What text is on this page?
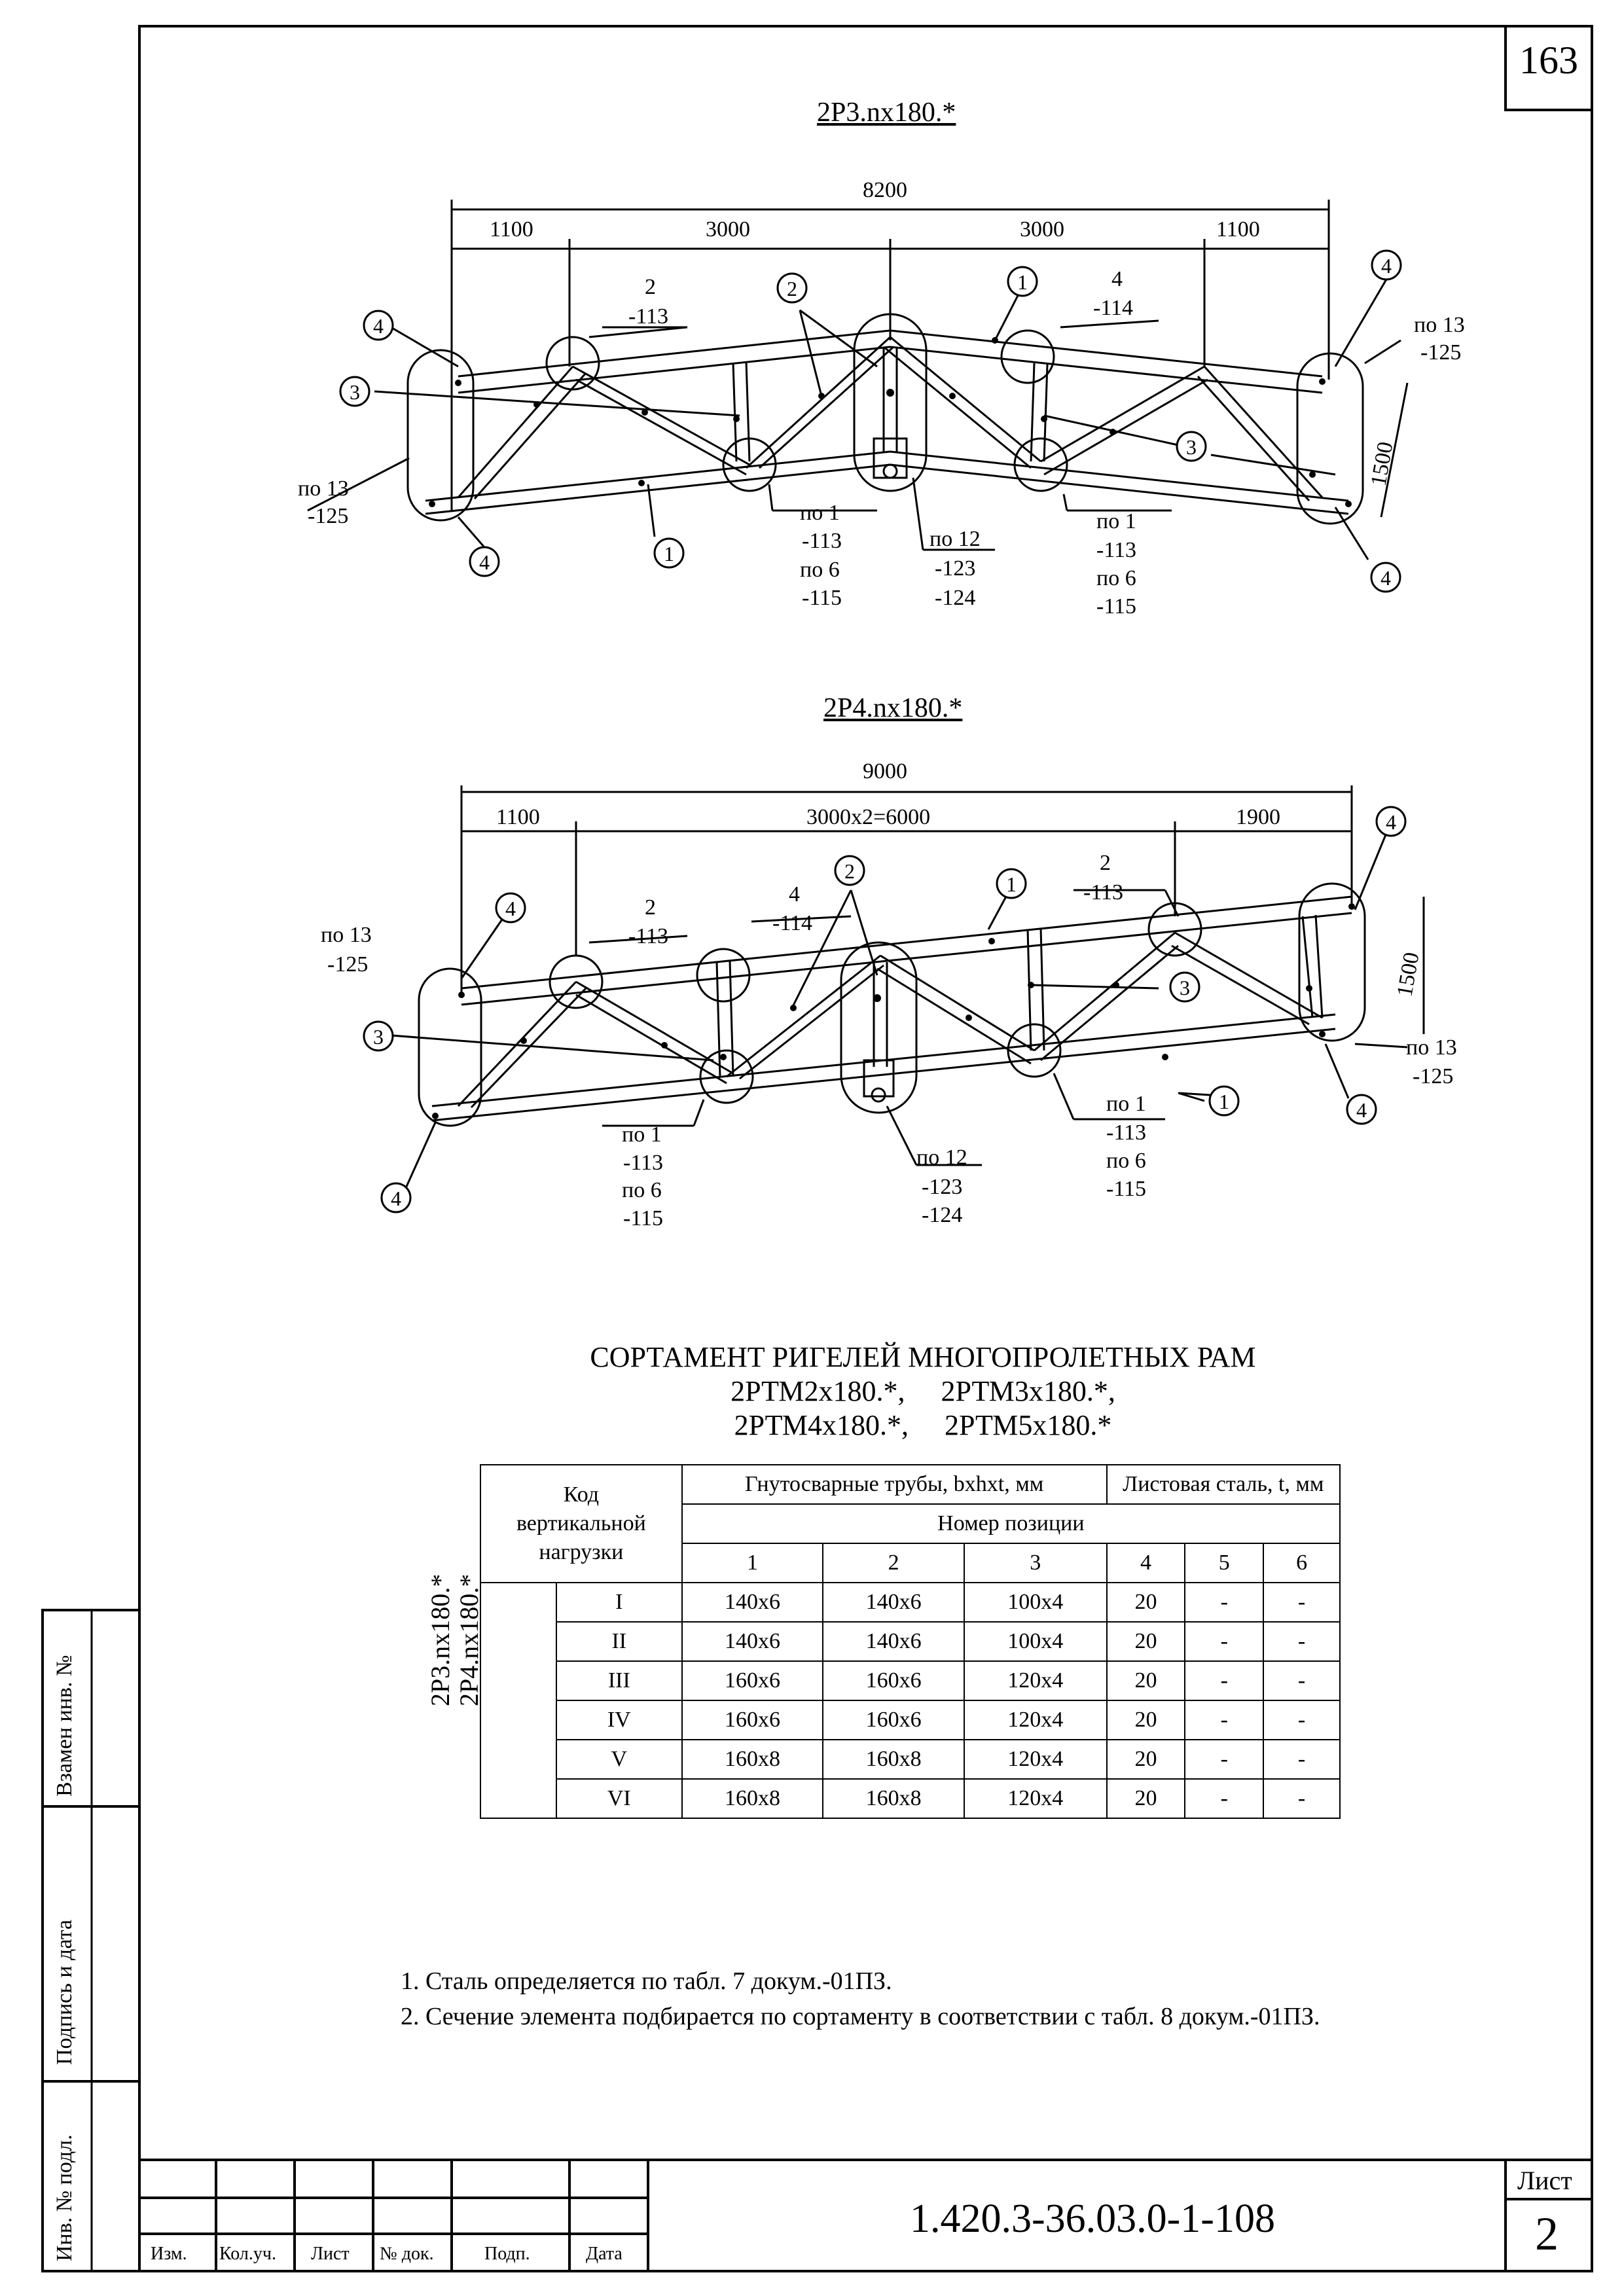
163
2Р3.nх180.*
8200
1100	3000	3000	1100
1500
4
3
4	1
2	1
4
3
4
по 13
-125
2
-113
4
-114
по 13
-125
по 1
-113
по 6
-115
по 12
-123
-124
по 1
-113
по 6
-115
2Р4.nх180.*
9000
1100	3000х2=6000	1900
1500
4
3
4
2
1
4
3
1	4
по 13
-125
2
-113
4
-114
2
-113
по 13
-125
по 1
-113
по 6
-115
по 12
-123
-124
по 1
-113
по 6
-115
СОРТАМЕНТ РИГЕЛЕЙ МНОГОПРОЛЕТНЫХ РАМ
2РТМ2х180.*,     2РТМ3х180.*,
2РТМ4х180.*,     2РТМ5х180.*
Код вертикальной нагрузки		Гнутосварные трубы, bxhxt, мм			Листовая сталь, t, мм		
		Номер позиции					
		1	2	3	4	5	6

2Р3.nх180.* 2Р4.nх180.*	I	140х6	140х6	100х4	20	-	-
	II	140х6	140х6	100х4	20	-	-
	III	160х6	160х6	120х4	20	-	-
	IV	160х6	160х6	120х4	20	-	-
	V	160х8	160х8	120х4	20	-	-
	VI	160х8	160х8	120х4	20	-	-
1. Сталь определяется по табл. 7 докум.-01ПЗ.
2. Сечение элемента подбирается по сортаменту в соответствии с табл. 8 докум.-01ПЗ.
Взамен инв. №
Подпись и дата
Инв. № подл.	Изм. Кол.уч. Лист № док.	Подп.	Дата
1.420.3-36.03.0-1-108
Лист
2
